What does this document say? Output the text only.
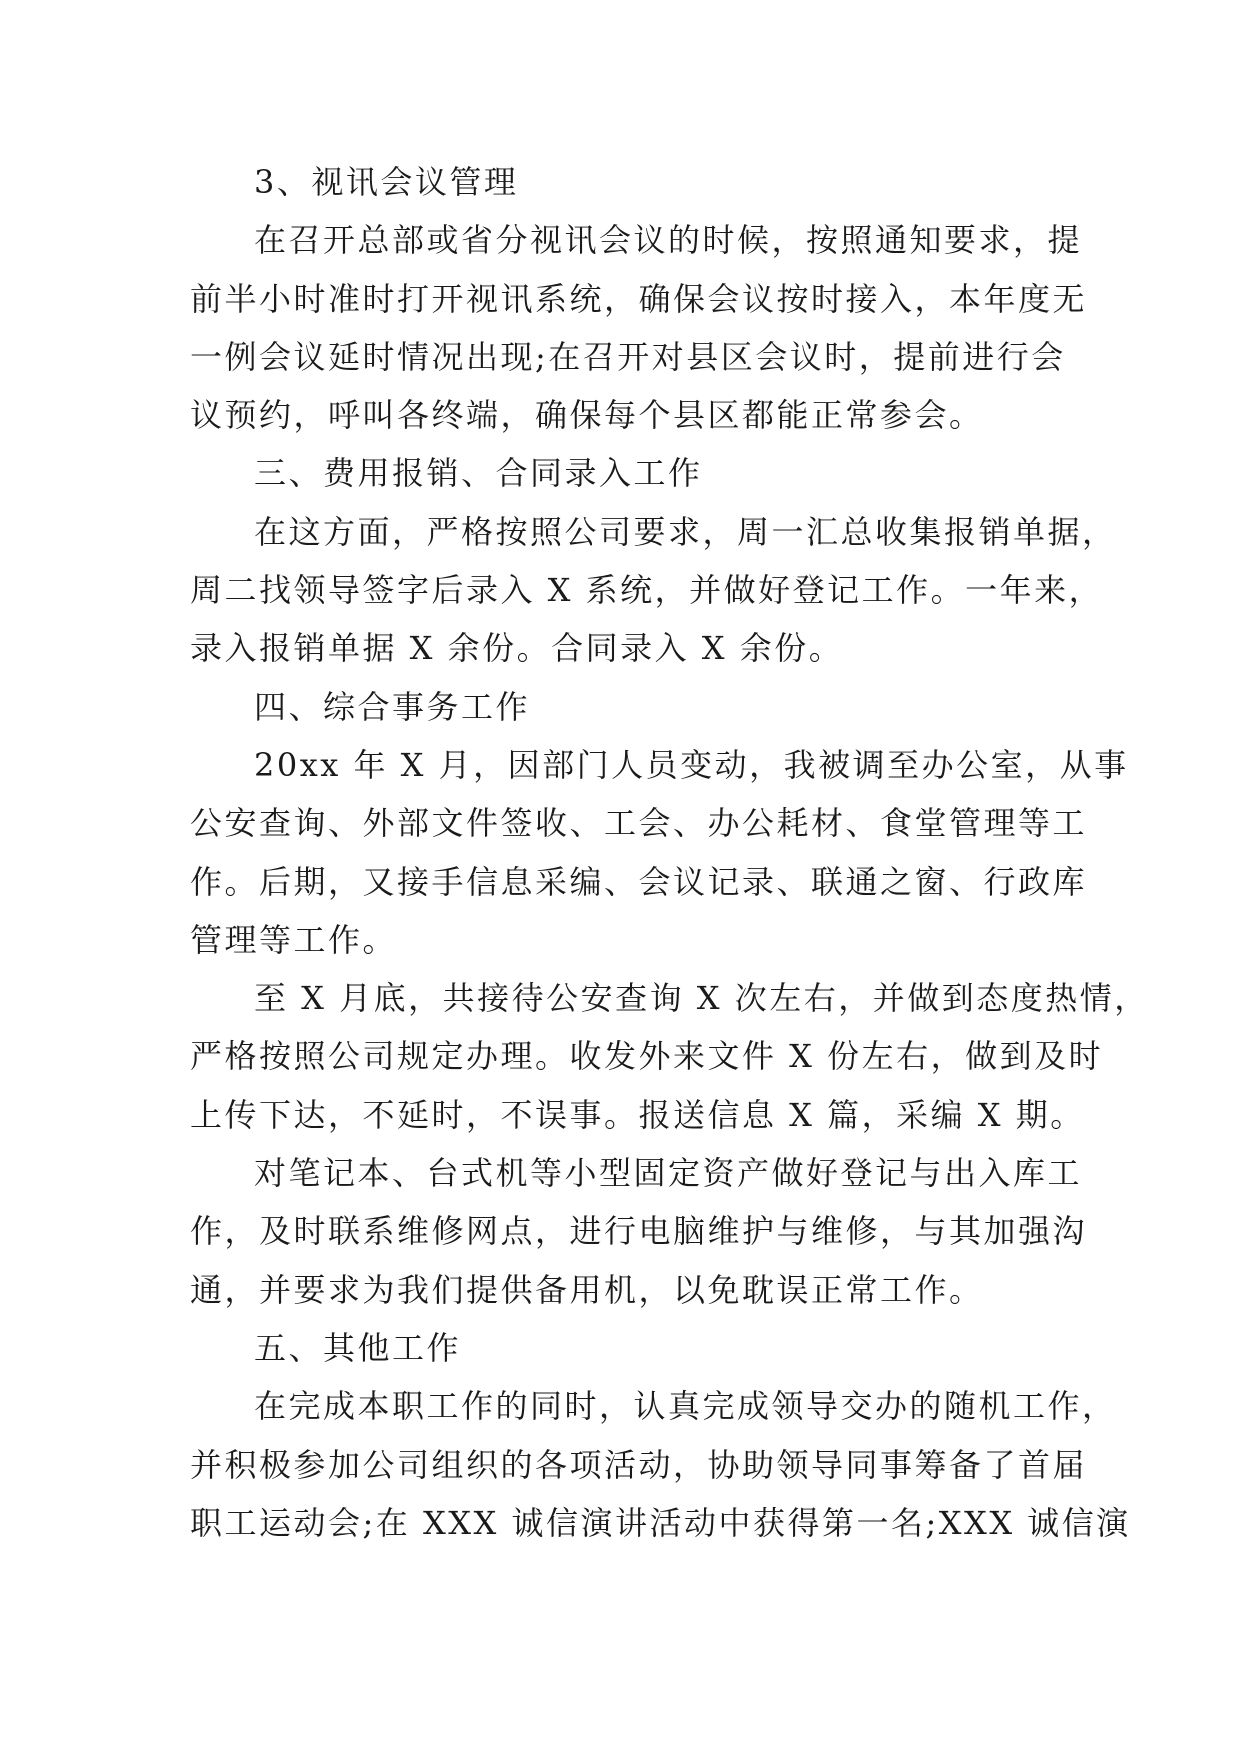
3、视讯会议管理
在召开总部或省分视讯会议的时候，按照通知要求，提
前半小时准时打开视讯系统，确保会议按时接入，本年度无
一例会议延时情况出现;在召开对县区会议时，提前进行会
议预约，呼叫各终端，确保每个县区都能正常参会。
三、费用报销、合同录入工作
在这方面，严格按照公司要求，周一汇总收集报销单据，
周二找领导签字后录入 X 系统，并做好登记工作。一年来，
录入报销单据 X 余份。合同录入 X 余份。
四、综合事务工作
20xx 年 X 月，因部门人员变动，我被调至办公室，从事
公安查询、外部文件签收、工会、办公耗材、食堂管理等工
作。后期，又接手信息采编、会议记录、联通之窗、行政库
管理等工作。
至 X 月底，共接待公安查询 X 次左右，并做到态度热情，
严格按照公司规定办理。收发外来文件 X 份左右，做到及时
上传下达，不延时，不误事。报送信息 X 篇，采编 X 期。
对笔记本、台式机等小型固定资产做好登记与出入库工
作，及时联系维修网点，进行电脑维护与维修，与其加强沟
通，并要求为我们提供备用机，以免耽误正常工作。
五、其他工作
在完成本职工作的同时，认真完成领导交办的随机工作，
并积极参加公司组织的各项活动，协助领导同事筹备了首届
职工运动会;在 XXX 诚信演讲活动中获得第一名;XXX 诚信演
